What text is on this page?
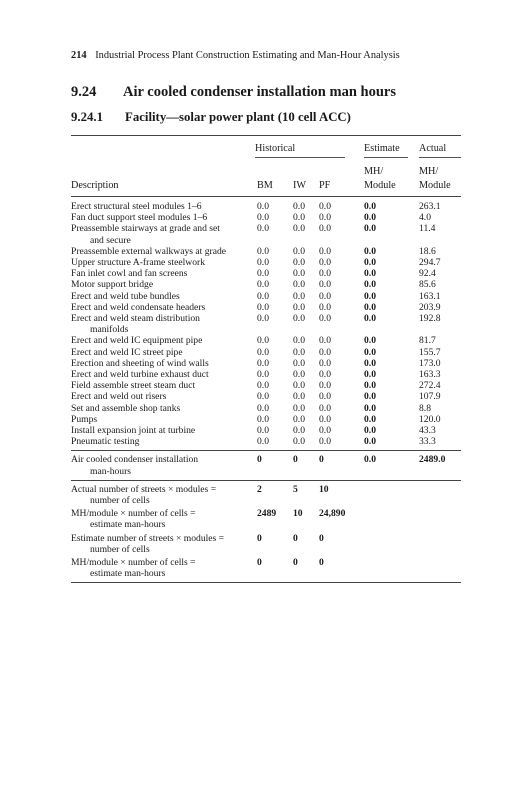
214 Industrial Process Plant Construction Estimating and Man-Hour Analysis
9.24 Air cooled condenser installation man hours
9.24.1 Facility—solar power plant (10 cell ACC)
Historical	Estimate Actual
MH/	MH/
Description	BM IW PF	Module Module
Erect structural steel modules 1–6	0.0	0.0 0.0	0.0	263.1
Fan duct support steel modules 1–6	0.0	0.0 0.0	0.0	4.0
Preassemble stairways at grade and set
and secure
0.0	0.0 0.0	0.0	11.4
Preassemble external walkways at grade	0.0	0.0 0.0	0.0	18.6
Upper structure A-frame steelwork	0.0	0.0 0.0	0.0	294.7
Fan inlet cowl and fan screens	0.0	0.0 0.0	0.0	92.4
Motor support bridge	0.0	0.0 0.0	0.0	85.6
Erect and weld tube bundles	0.0	0.0 0.0	0.0	163.1
Erect and weld condensate headers	0.0	0.0 0.0	0.0	203.9
Erect and weld steam distribution
manifolds
0.0	0.0 0.0	0.0	192.8
Erect and weld IC equipment pipe	0.0	0.0 0.0	0.0	81.7
Erect and weld IC street pipe	0.0	0.0 0.0	0.0	155.7
Erection and sheeting of wind walls	0.0	0.0 0.0	0.0	173.0
Erect and weld turbine exhaust duct	0.0	0.0 0.0	0.0	163.3
Field assemble street steam duct	0.0	0.0 0.0	0.0	272.4
Erect and weld out risers	0.0	0.0 0.0	0.0	107.9
Set and assemble shop tanks	0.0	0.0 0.0	0.0	8.8
Pumps	0.0	0.0 0.0	0.0	120.0
Install expansion joint at turbine	0.0	0.0 0.0	0.0	43.3
Pneumatic testing	0.0	0.0 0.0	0.0	33.3
Air cooled condenser installation
man-hours
0	0 0	0.0	2489.0
Actual number of streets × modules =
number of cells
2	5 10
MH/module × number of cells =
estimate man-hours
2489 10 24,890
Estimate number of streets × modules =
number of cells
0	0 0
MH/module × number of cells =
estimate man-hours
0	0 0
